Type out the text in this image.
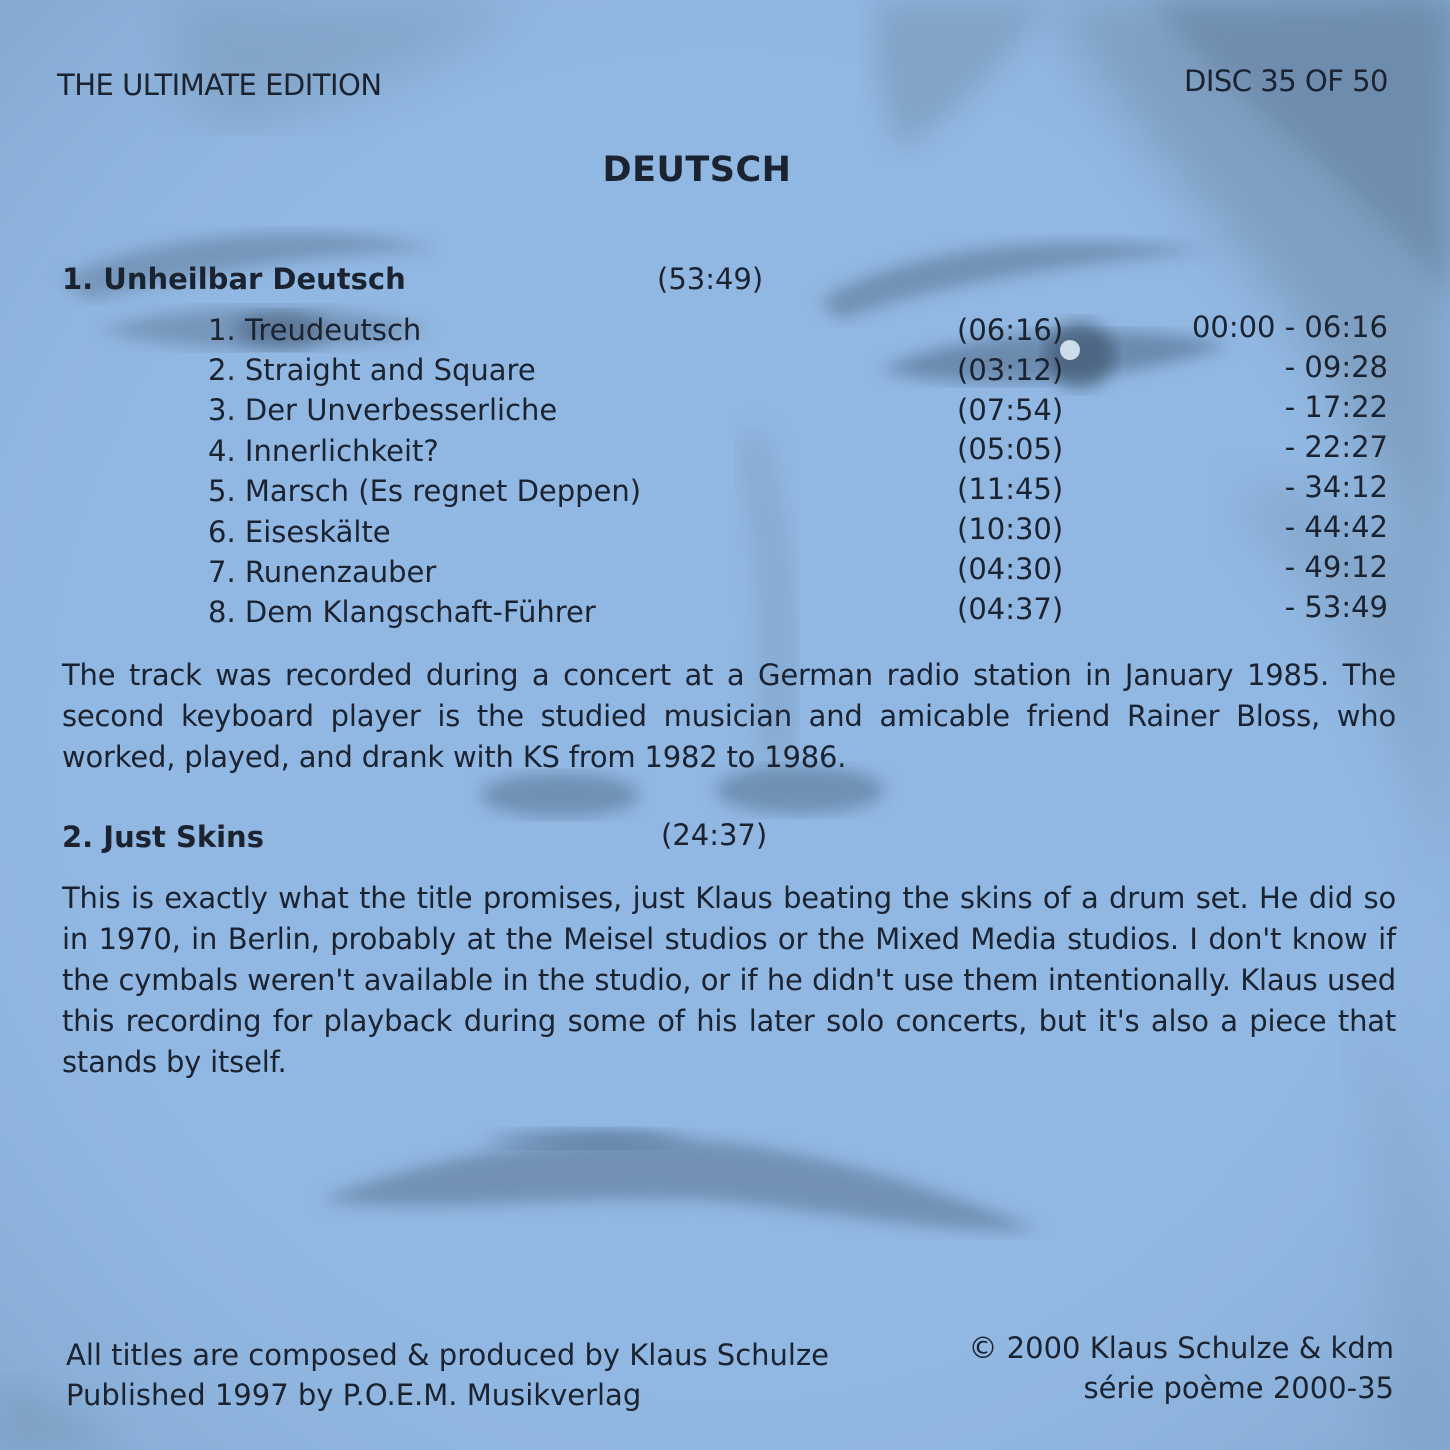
THE ULTIMATE EDITION	DISC 35 OF 50
DEUTSCH
1. Unheilbar Deutsch	(53:49)
1. Treudeutsch	(06:16)	00:00 - 06:16
2. Straight and Square	(03:12)	- 09:28
3. Der Unverbesserliche	(07:54)	- 17:22
4. Innerlichkeit?	(05:05)	- 22:27
5. Marsch (Es regnet Deppen)	(11:45)	- 34:12
6. Eiseskälte	(10:30)	- 44:42
7. Runenzauber	(04:30)	- 49:12
8. Dem Klangschaft-Führer	(04:37)	- 53:49
The track was recorded during a concert at a German radio station in January 1985. The second keyboard player is the studied musician and amicable friend Rainer Bloss, who worked, played, and drank with KS from 1982 to 1986.
2. Just Skins	(24:37)
This is exactly what the title promises, just Klaus beating the skins of a drum set. He did so in 1970, in Berlin, probably at the Meisel studios or the Mixed Media studios. I don't know if the cymbals weren't available in the studio, or if he didn't use them intentionally. Klaus used this recording for playback during some of his later solo concerts, but it's also a piece that stands by itself.
All titles are composed & produced by Klaus Schulze
Published 1997 by P.O.E.M. Musikverlag
© 2000 Klaus Schulze & kdm
série poème 2000-35
